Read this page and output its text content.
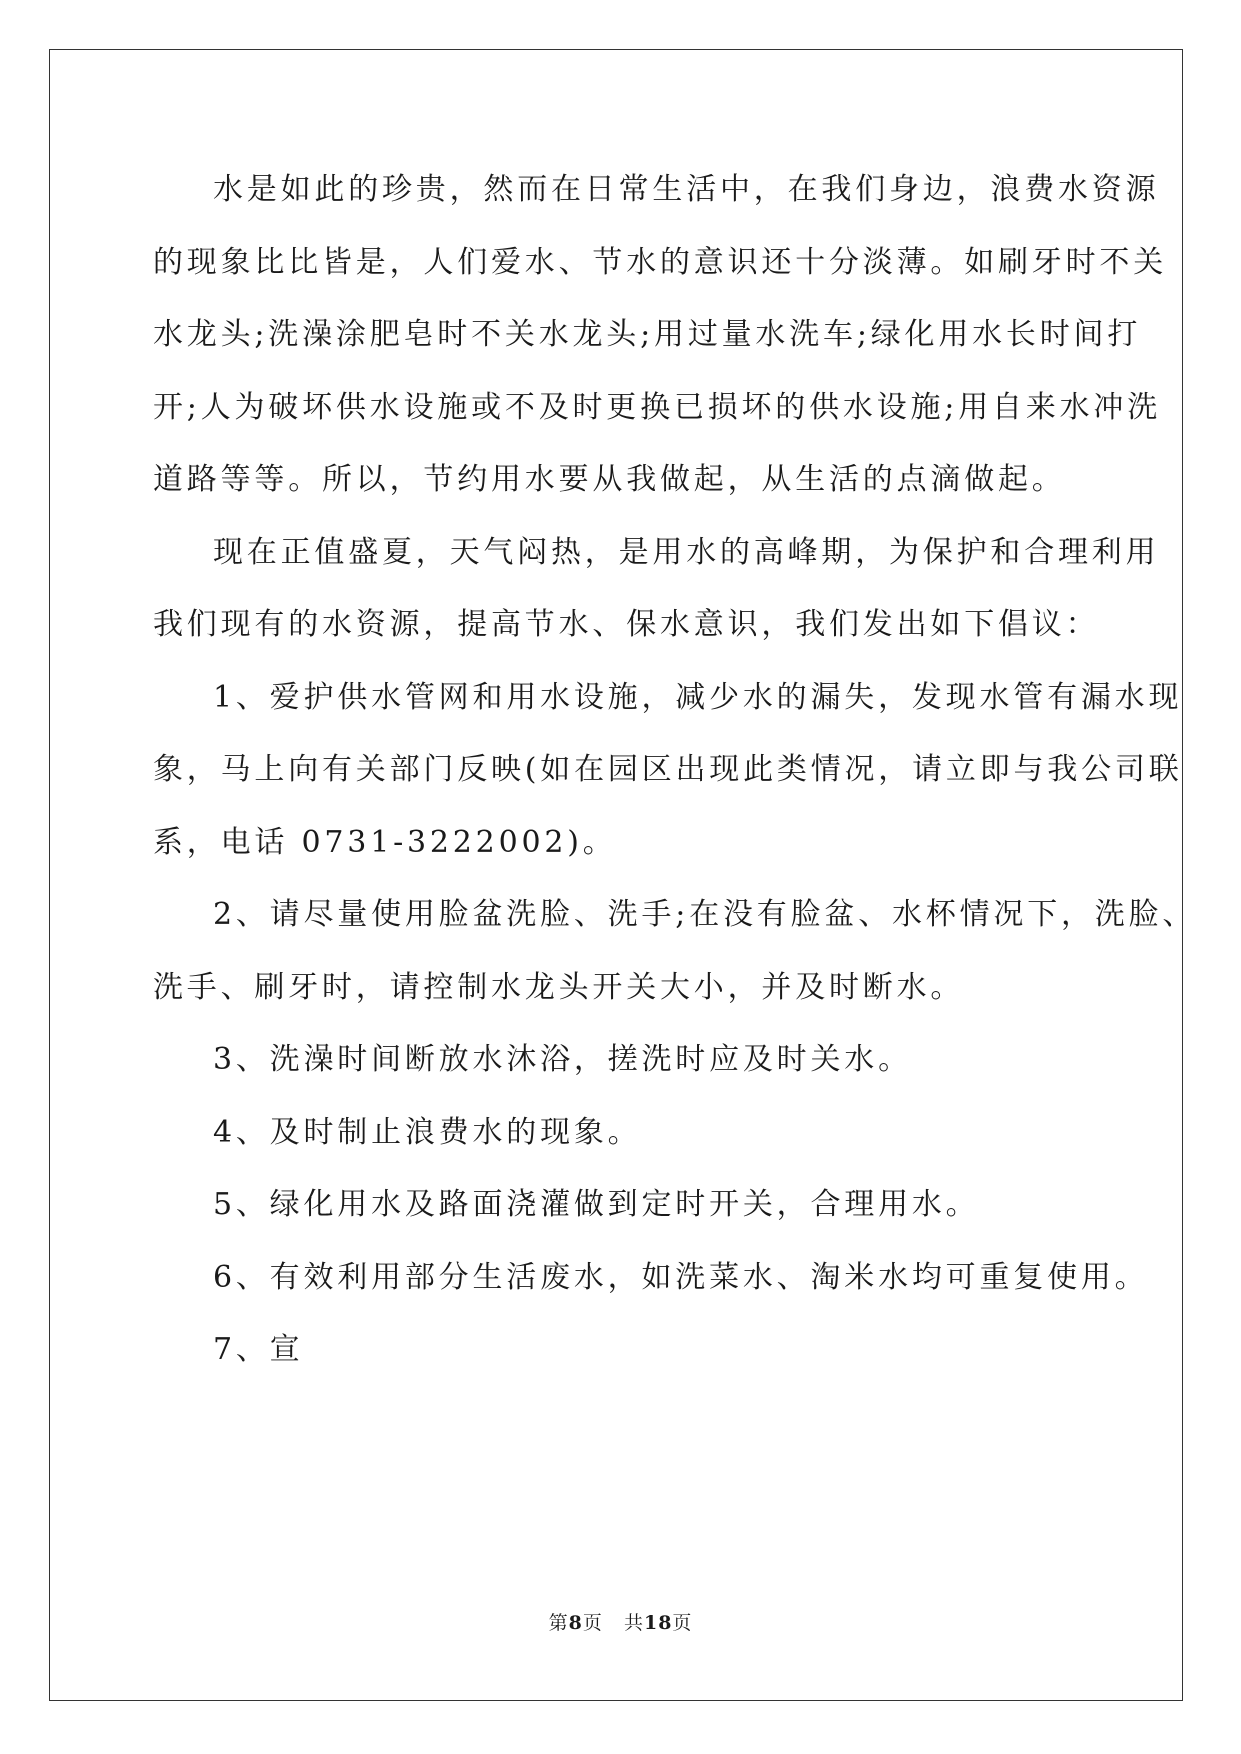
水是如此的珍贵，然而在日常生活中，在我们身边，浪费水资源
的现象比比皆是，人们爱水、节水的意识还十分淡薄。如刷牙时不关
水龙头;洗澡涂肥皂时不关水龙头;用过量水洗车;绿化用水长时间打
开;人为破坏供水设施或不及时更换已损坏的供水设施;用自来水冲洗
道路等等。所以，节约用水要从我做起，从生活的点滴做起。
现在正值盛夏，天气闷热，是用水的高峰期，为保护和合理利用
我们现有的水资源，提高节水、保水意识，我们发出如下倡议：
1、爱护供水管网和用水设施，减少水的漏失，发现水管有漏水现
象，马上向有关部门反映(如在园区出现此类情况，请立即与我公司联
系，电话 0731-3222002)。
2、请尽量使用脸盆洗脸、洗手;在没有脸盆、水杯情况下，洗脸、
洗手、刷牙时，请控制水龙头开关大小，并及时断水。
3、洗澡时间断放水沐浴，搓洗时应及时关水。
4、及时制止浪费水的现象。
5、绿化用水及路面浇灌做到定时开关，合理用水。
6、有效利用部分生活废水，如洗菜水、淘米水均可重复使用。
7、宣
第8页 共18页
